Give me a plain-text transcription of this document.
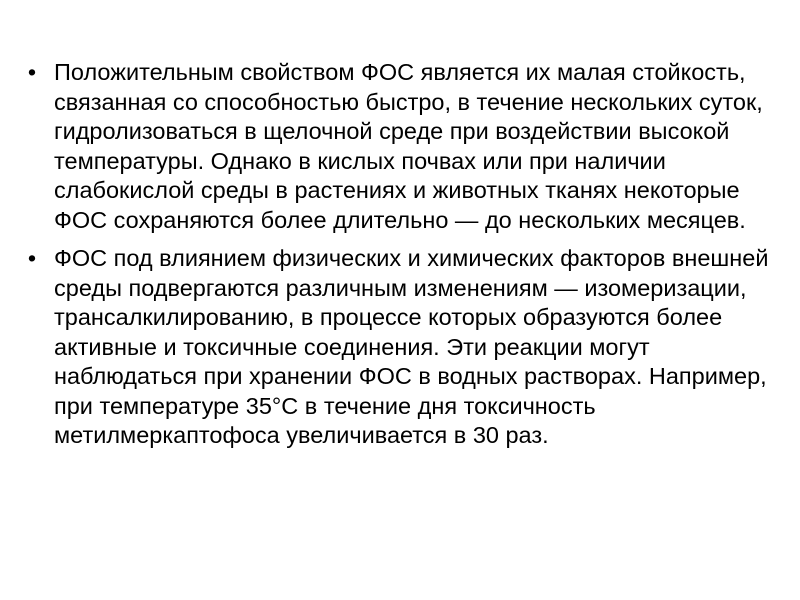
• Положительным свойством ФОС является их малая стойкость, связанная со способностью быстро, в течение нескольких суток, гидролизоваться в щелочной среде при воздействии высокой температуры. Однако в кислых почвах или при наличии слабокислой среды в растениях и животных тканях некоторые ФОС сохраняются более длительно — до нескольких месяцев.
• ФОС под влиянием физических и химических факторов внешней среды подвергаются различным изменениям — изомеризации, трансалкилированию, в процессе которых образуются более активные и токсичные соединения. Эти реакции могут наблюдаться при хранении ФОС в водных растворах. Например, при температуре 35°С в течение дня токсичность метилмеркаптофоса увеличивается в 30 раз.
